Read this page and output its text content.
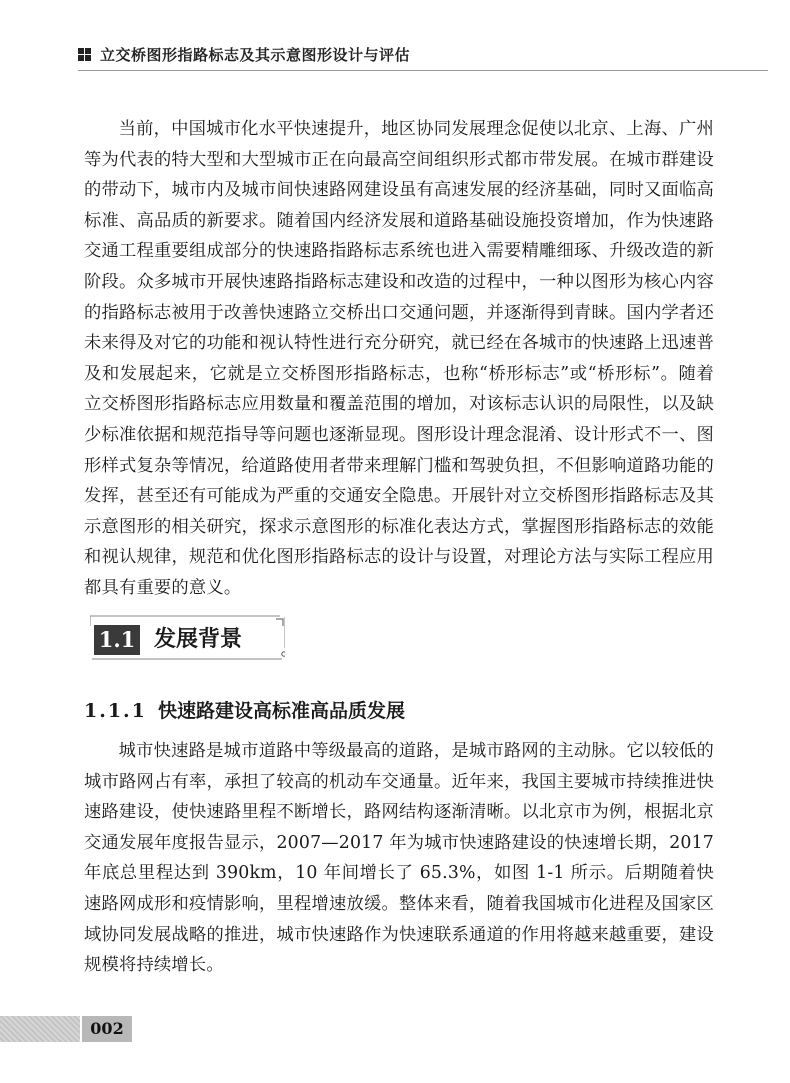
立交桥图形指路标志及其示意图形设计与评估

当前，中国城市化水平快速提升，地区协同发展理念促使以北京、上海、广州等为代表的特大型和大型城市正在向最高空间组织形式都市带发展。在城市群建设的带动下，城市内及城市间快速路网建设虽有高速发展的经济基础，同时又面临高标准、高品质的新要求。随着国内经济发展和道路基础设施投资增加，作为快速路交通工程重要组成部分的快速路指路标志系统也进入需要精雕细琢、升级改造的新阶段。众多城市开展快速路指路标志建设和改造的过程中，一种以图形为核心内容的指路标志被用于改善快速路立交桥出口交通问题，并逐渐得到青睐。国内学者还未来得及对它的功能和视认特性进行充分研究，就已经在各城市的快速路上迅速普及和发展起来，它就是立交桥图形指路标志，也称“桥形标志”或“桥形标”。随着立交桥图形指路标志应用数量和覆盖范围的增加，对该标志认识的局限性，以及缺少标准依据和规范指导等问题也逐渐显现。图形设计理念混淆、设计形式不一、图形样式复杂等情况，给道路使用者带来理解门槛和驾驶负担，不但影响道路功能的发挥，甚至还有可能成为严重的交通安全隐患。开展针对立交桥图形指路标志及其示意图形的相关研究，探求示意图形的标准化表达方式，掌握图形指路标志的效能和视认规律，规范和优化图形指路标志的设计与设置，对理论方法与实际工程应用都具有重要的意义。

1.1 发展背景
1.1.1 快速路建设高标准高品质发展

城市快速路是城市道路中等级最高的道路，是城市路网的主动脉。它以较低的城市路网占有率，承担了较高的机动车交通量。近年来，我国主要城市持续推进快速路建设，使快速路里程不断增长，路网结构逐渐清晰。以北京市为例，根据北京交通发展年度报告显示，2007—2017 年为城市快速路建设的快速增长期，2017 年底总里程达到 390km，10 年间增长了 65.3%，如图 1-1 所示。后期随着快速路网成形和疫情影响，里程增速放缓。整体来看，随着我国城市化进程及国家区域协同发展战略的推进，城市快速路作为快速联系通道的作用将越来越重要，建设规模将持续增长。

002
